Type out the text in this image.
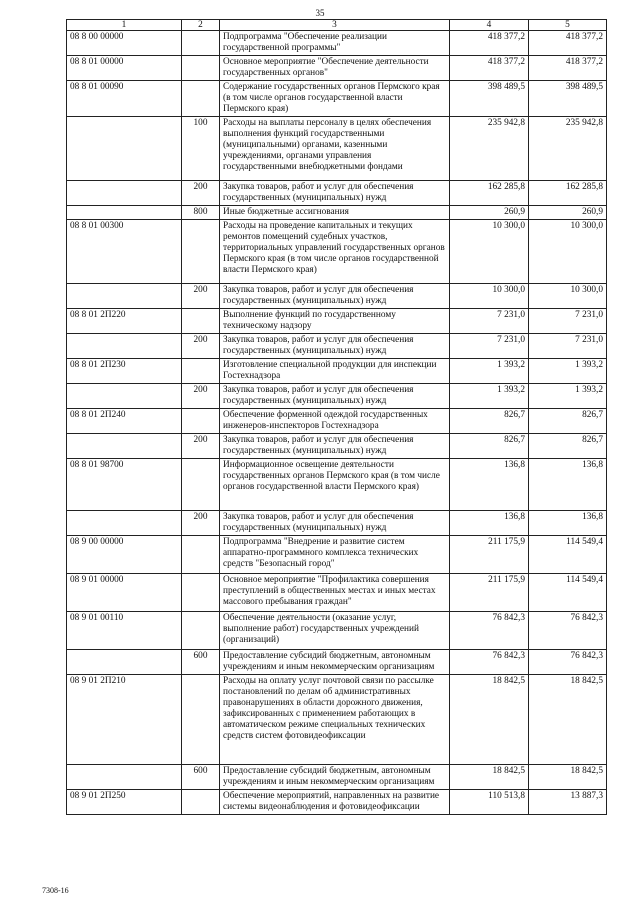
35
1	2	3	4	5
08 8 00 00000		Подпрограмма "Обеспечение реализации государственной программы"	418 377,2	418 377,2
08 8 01 00000		Основное мероприятие "Обеспечение деятельности государственных органов"	418 377,2	418 377,2
08 8 01 00090		Содержание государственных органов Пермского края (в том числе органов государственной власти Пермского края)	398 489,5	398 489,5
	100	Расходы на выплаты персоналу в целях обеспечения выполнения функций государственными (муниципальными) органами, казенными учреждениями, органами управления государственными внебюджетными фондами	235 942,8	235 942,8
	200	Закупка товаров, работ и услуг для обеспечения государственных (муниципальных) нужд	162 285,8	162 285,8
	800	Иные бюджетные ассигнования	260,9	260,9
08 8 01 00300		Расходы на проведение капитальных и текущих ремонтов помещений судебных участков, территориальных управлений государственных органов Пермского края (в том числе органов государственной власти Пермского края)	10 300,0	10 300,0
	200	Закупка товаров, работ и услуг для обеспечения государственных (муниципальных) нужд	10 300,0	10 300,0
08 8 01 2П220		Выполнение функций по государственному техническому надзору	7 231,0	7 231,0
	200	Закупка товаров, работ и услуг для обеспечения государственных (муниципальных) нужд	7 231,0	7 231,0
08 8 01 2П230		Изготовление специальной продукции для инспекции Гостехнадзора	1 393,2	1 393,2
	200	Закупка товаров, работ и услуг для обеспечения государственных (муниципальных) нужд	1 393,2	1 393,2
08 8 01 2П240		Обеспечение форменной одеждой государственных инженеров-инспекторов Гостехнадзора	826,7	826,7
	200	Закупка товаров, работ и услуг для обеспечения государственных (муниципальных) нужд	826,7	826,7
08 8 01 98700		Информационное освещение деятельности государственных органов Пермского края (в том числе органов государственной власти Пермского края)	136,8	136,8
	200	Закупка товаров, работ и услуг для обеспечения государственных (муниципальных) нужд	136,8	136,8
08 9 00 00000		Подпрограмма "Внедрение и развитие систем аппаратно-программного комплекса технических средств "Безопасный город"	211 175,9	114 549,4
08 9 01 00000		Основное мероприятие "Профилактика совершения преступлений в общественных местах и иных местах массового пребывания граждан"	211 175,9	114 549,4
08 9 01 00110		Обеспечение деятельности (оказание услуг, выполнение работ) государственных учреждений (организаций)	76 842,3	76 842,3
	600	Предоставление субсидий бюджетным, автономным учреждениям и иным некоммерческим организациям	76 842,3	76 842,3
08 9 01 2П210		Расходы на оплату услуг почтовой связи по рассылке постановлений по делам об административных правонарушениях в области дорожного движения, зафиксированных с применением работающих в автоматическом режиме специальных технических средств систем фотовидеофиксации	18 842,5	18 842,5
	600	Предоставление субсидий бюджетным, автономным учреждениям и иным некоммерческим организациям	18 842,5	18 842,5
08 9 01 2П250		Обеспечение мероприятий, направленных на развитие системы видеонаблюдения и фотовидеофиксации	110 513,8	13 887,3
7308-16
